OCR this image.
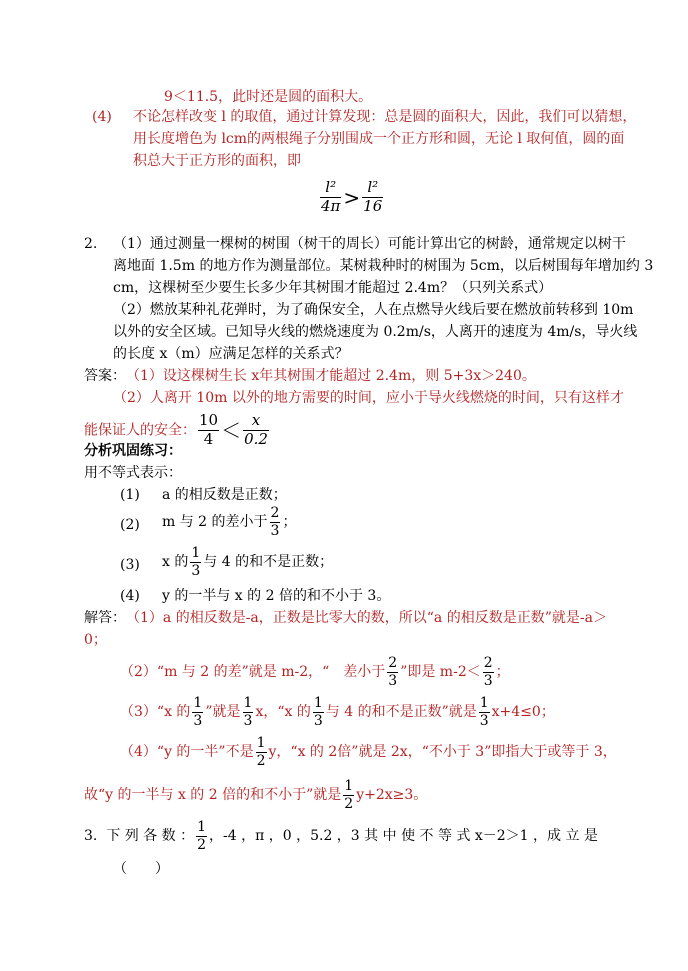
9＜11.5，此时还是圆的面积大。
(4) 不论怎样改变 l 的取值，通过计算发现：总是圆的面积大，因此，我们可以猜想，
用长度增色为 lcm的两根绳子分别围成一个正方形和圆，无论 l 取何值，圆的面
积总大于正方形的面积，即
$\frac{\text{l²}}{4\pi} > \frac{\text{l²}}{16}$
2. （1）通过测量一棵树的树围（树干的周长）可能计算出它的树龄，通常规定以树干
离地面 1.5m 的地方作为测量部位。某树栽种时的树围为 5cm，以后树围每年增加约 3
cm，这棵树至少要生长多少年其树围才能超过 2.4m？（只列关系式）
（2）燃放某种礼花弹时，为了确保安全，人在点燃导火线后要在燃放前转移到 10m
以外的安全区域。已知导火线的燃烧速度为 0.2m/s，人离开的速度为 4m/s，导火线
的长度 x（m）应满足怎样的关系式？
答案： （1）设这棵树生长 x年其树围才能超过 2.4m，则 5+3x＞240。
（2）人离开 10m 以外的地方需要的时间，应小于导火线燃烧的时间，只有这样才
能保证人的安全： $\frac{10}{4} < \frac{x}{0.2}$
分析巩固练习：
用不等式表示：
(1) a 的相反数是正数；
(2) m 与 2 的差小于 $\frac{2}{3}$ ；
(3) x 的 $\frac{1}{3}$ 与 4 的和不是正数；
(4) y 的一半与 x 的 2 倍的和不小于 3。
解答： （1）a 的相反数是-a，正数是比零大的数，所以“a 的相反数是正数”就是-a＞
0；
（2）“m 与 2 的差”就是 m-2，“　差小于 $\frac{2}{3}$ ”即是 $m-2< \frac{2}{3}$ ；
（3）“x 的 $\frac{1}{3}$ ”就是 $\frac{1}{3}$ x，“x 的 $\frac{1}{3}$ 与 4 的和不是正数”就是 $\frac{1}{3} x+4\le 0$；
（4）“y 的一半”不是 $\frac{1}{2}$ y，“x 的 2倍”就是 2x，“不小于 3”即指大于或等于 3，
故“y 的一半与 x 的 2 倍的和不小于”就是 $\frac{1}{2} y+2x\ge 3$。
3. 下 列 各 数 ： $\frac{1}{2}$ ，-4 ，π ，0 ，5.2 ，3 其 中 使 不 等 式 x－2＞1 ，成 立 是
（　　）
